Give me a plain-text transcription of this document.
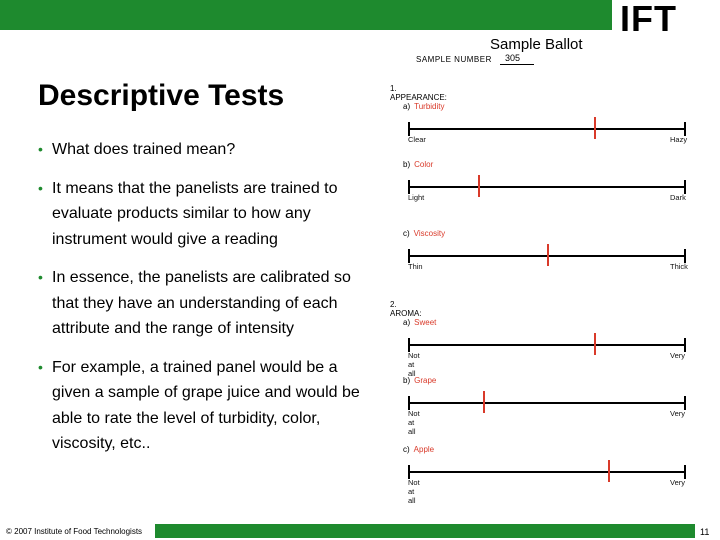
IFT
Sample Ballot
SAMPLE NUMBER 305
Descriptive Tests
• What does trained mean?
• It means that the panelists are trained to evaluate products similar to how any instrument would give a reading
• In essence, the panelists are calibrated so that they have an understanding of each attribute and the range of intensity
• For example, a trained panel would be a given a sample of grape juice and would be able to rate the level of turbidity, color, viscosity, etc..
1. APPEARANCE:
a) Turbidity
Clear	Hazy
b) Color
Light	Dark
c) Viscosity
Thin	Thick
2. AROMA:
a) Sweet
Not at all
Very
b) Grape
Not at all
Very
c) Apple
Not at all
Very
© 2007 Institute of Food Technologists	11
